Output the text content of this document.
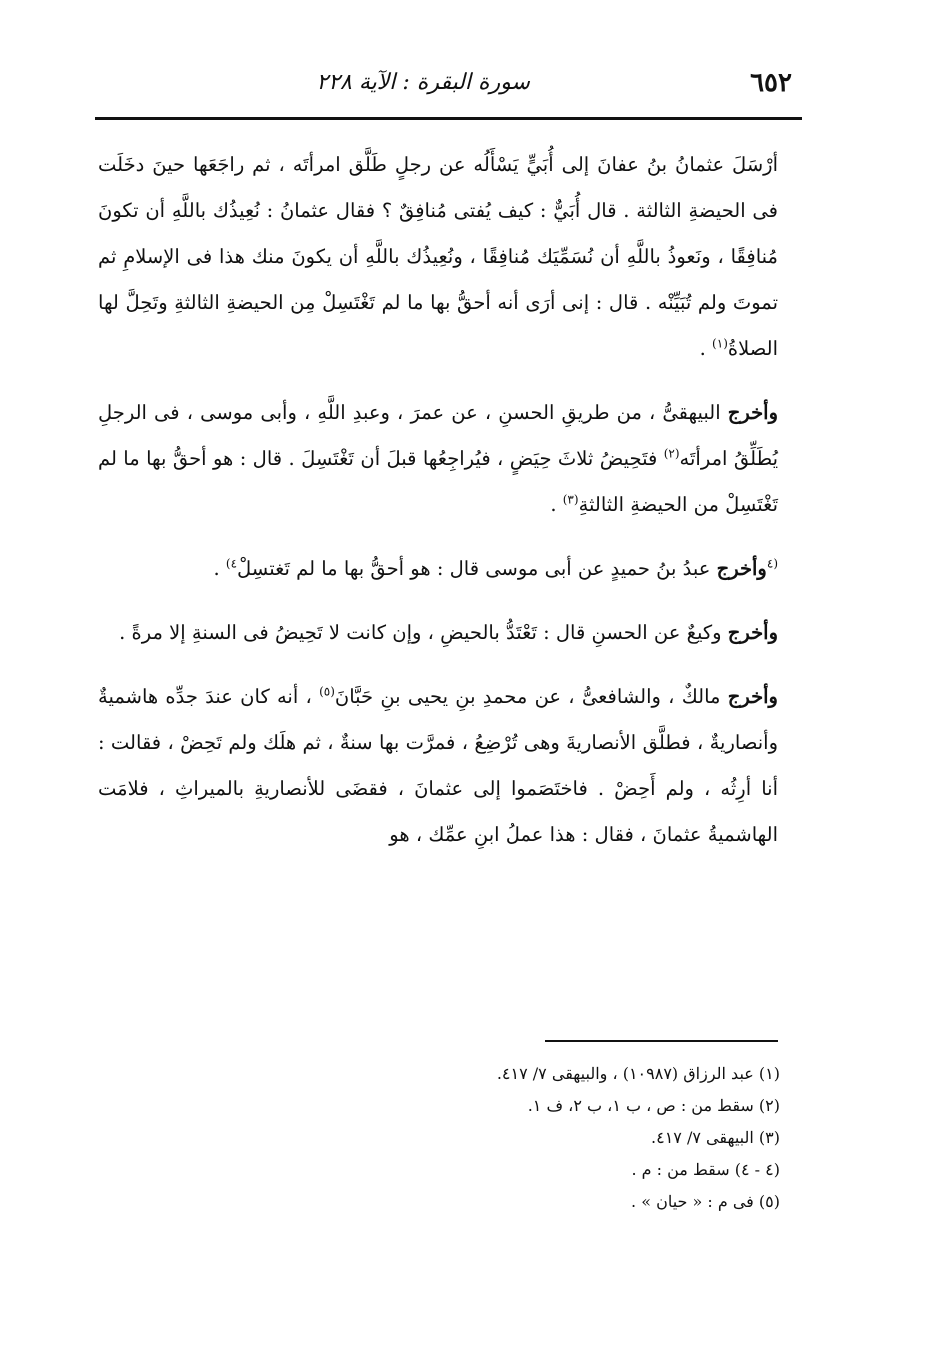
٦٥٢
سورة البقرة : الآية ٢٢٨

أرْسَلَ عثمانُ بنُ عفانَ إلى أُبَيٍّ يَسْأَلُه عن رجلٍ طَلَّق امرأتَه ، ثم راجَعَها حينَ دخَلَت فى الحيضةِ الثالثة . قال أُبَيٌّ : كيف يُفتى مُنافِقٌ ؟ فقال عثمانُ : نُعِيذُك باللَّهِ أن تكونَ مُنافِقًا ، ونَعوذُ باللَّهِ أن نُسَمِّيَك مُنافِقًا ، ونُعِيذُك باللَّهِ أن يكونَ منك هذا فى الإسلامِ ثم تموتَ ولم تُبَيِّنْه . قال : إنى أرَى أنه أحقُّ بها ما لم تَغْتَسِلْ مِن الحيضةِ الثالثةِ وتَحِلَّ لها الصلاةُ$^{(١)}$ .

وأخرج البيهقىُّ ، من طريقِ الحسنِ ، عن عمرَ ، وعبدِ اللَّهِ ، وأبى موسى ، فى الرجلِ يُطَلِّقُ امرأتَه$^{(٢)}$ فتَحِيضُ ثلاثَ حِيَضٍ ، فيُراجِعُها قبلَ أن تَغْتَسِلَ . قال : هو أحقُّ بها ما لم تَغْتَسِلْ من الحيضةِ الثالثةِ$^{(٣)}$ .

$^{(٤}$وأخرج عبدُ بنُ حميدٍ عن أبى موسى قال : هو أحقُّ بها ما لم تَغتسِلْ$^{٤)}$ .

وأخرج وكيعٌ عن الحسنِ قال : تَعْتَدُّ بالحيضِ ، وإن كانت لا تَحِيضُ فى السنةِ إلا مرةً .

وأخرج مالكٌ ، والشافعىُّ ، عن محمدِ بنِ يحيى بنِ حَبَّانَ$^{(٥)}$ ، أنه كان عندَ جدِّه هاشميةٌ وأنصاريةٌ ، فطلَّق الأنصاريةَ وهى تُرْضِعُ ، فمرَّت بها سنةٌ ، ثم هلَك ولم تَحِضْ ، فقالت : أنا أرِثُه ، ولم أَحِضْ . فاختَصَموا إلى عثمانَ ، فقضَى للأنصاريةِ بالميراثِ ، فلامَت الهاشميةُ عثمانَ ، فقال : هذا عملُ ابنِ عمِّك ، هو

(١) عبد الرزاق (١٠٩٨٧) ، والبيهقى ٧/ ٤١٧.

(٢) سقط من : ص ، ب ١، ب ٢، ف ١.

(٣) البيهقى ٧/ ٤١٧.

(٤ - ٤) سقط من : م .

(٥) فى م : « حيان » .
